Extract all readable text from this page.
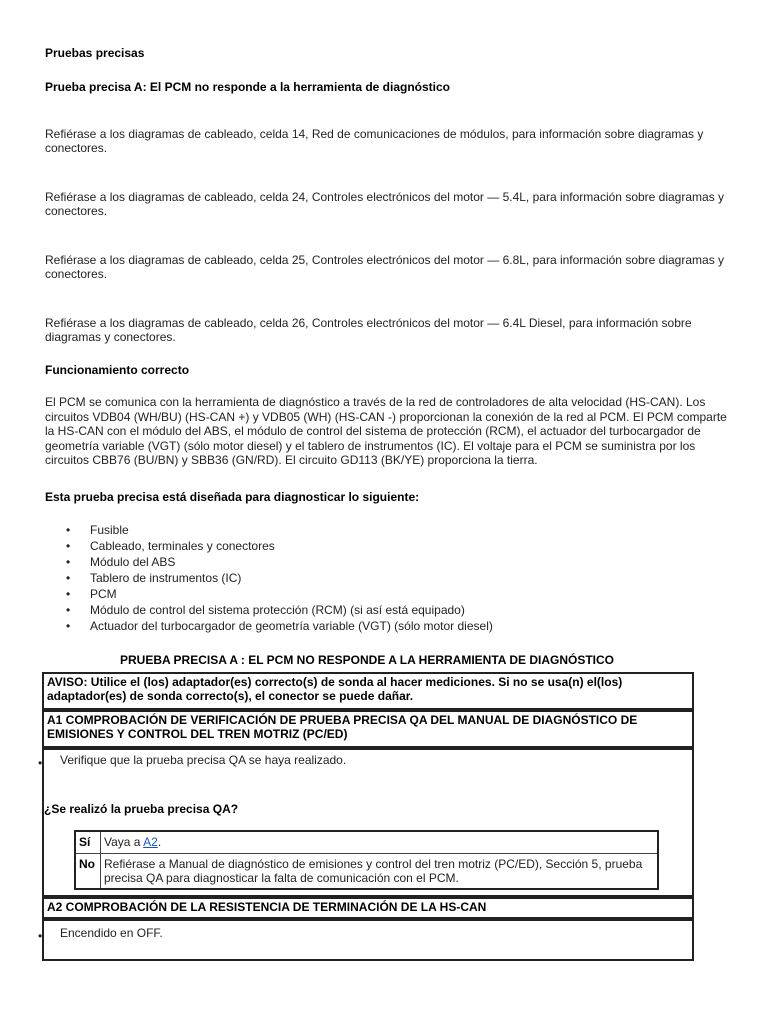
Pruebas precisas
Prueba precisa A: El PCM no responde a la herramienta de diagnóstico
Refiérase a los diagramas de cableado, celda 14, Red de comunicaciones de módulos, para información sobre diagramas y conectores.
Refiérase a los diagramas de cableado, celda 24, Controles electrónicos del motor — 5.4L, para información sobre diagramas y conectores.
Refiérase a los diagramas de cableado, celda 25, Controles electrónicos del motor — 6.8L, para información sobre diagramas y conectores.
Refiérase a los diagramas de cableado, celda 26, Controles electrónicos del motor — 6.4L Diesel, para información sobre diagramas y conectores.
Funcionamiento correcto
El PCM se comunica con la herramienta de diagnóstico a través de la red de controladores de alta velocidad (HS-CAN). Los circuitos VDB04 (WH/BU) (HS-CAN +) y VDB05 (WH) (HS-CAN -) proporcionan la conexión de la red al PCM. El PCM comparte la HS-CAN con el módulo del ABS, el módulo de control del sistema de protección (RCM), el actuador del turbocargador de geometría variable (VGT) (sólo motor diesel) y el tablero de instrumentos (IC). El voltaje para el PCM se suministra por los circuitos CBB76 (BU/BN) y SBB36 (GN/RD). El circuito GD113 (BK/YE) proporciona la tierra.
Esta prueba precisa está diseñada para diagnosticar lo siguiente:
• Fusible
• Cableado, terminales y conectores
• Módulo del ABS
• Tablero de instrumentos (IC)
• PCM
• Módulo de control del sistema protección (RCM) (si así está equipado)
• Actuador del turbocargador de geometría variable (VGT) (sólo motor diesel)
PRUEBA PRECISA A : EL PCM NO RESPONDE A LA HERRAMIENTA DE DIAGNÓSTICO
AVISO: Utilice el (los) adaptador(es) correcto(s) de sonda al hacer mediciones. Si no se usa(n) el(los) adaptador(es) de sonda correcto(s), el conector se puede dañar.
A1 COMPROBACIÓN DE VERIFICACIÓN DE PRUEBA PRECISA QA DEL MANUAL DE DIAGNÓSTICO DE EMISIONES Y CONTROL DEL TREN MOTRIZ (PC/ED)
• Verifique que la prueba precisa QA se haya realizado.
¿Se realizó la prueba precisa QA?
Sí	Vaya a A2.
No Refiérase a Manual de diagnóstico de emisiones y control del tren motriz (PC/ED), Sección 5, prueba precisa QA para diagnosticar la falta de comunicación con el PCM.
A2 COMPROBACIÓN DE LA RESISTENCIA DE TERMINACIÓN DE LA HS-CAN
• Encendido en OFF.
